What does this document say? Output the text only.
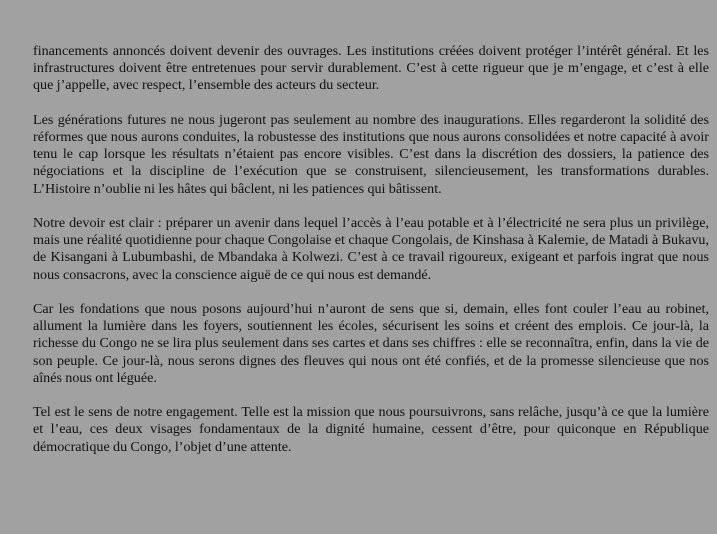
financements annoncés doivent devenir des ouvrages. Les institutions créées doivent protéger l’intérêt général. Et les infrastructures doivent être entretenues pour servir durablement. C’est à cette rigueur que je m’engage, et c’est à elle que j’appelle, avec respect, l’ensemble des acteurs du secteur.

Les générations futures ne nous jugeront pas seulement au nombre des inaugurations. Elles regarderont la solidité des réformes que nous aurons conduites, la robustesse des institutions que nous aurons consolidées et notre capacité à avoir tenu le cap lorsque les résultats n’étaient pas encore visibles. C’est dans la discrétion des dossiers, la patience des négociations et la discipline de l’exécution que se construisent, silencieusement, les transformations durables. L’Histoire n’oublie ni les hâtes qui bâclent, ni les patiences qui bâtissent.

Notre devoir est clair : préparer un avenir dans lequel l’accès à l’eau potable et à l’électricité ne sera plus un privilège, mais une réalité quotidienne pour chaque Congolaise et chaque Congolais, de Kinshasa à Kalemie, de Matadi à Bukavu, de Kisangani à Lubumbashi, de Mbandaka à Kolwezi. C’est à ce travail rigoureux, exigeant et parfois ingrat que nous nous consacrons, avec la conscience aiguë de ce qui nous est demandé.

Car les fondations que nous posons aujourd’hui n’auront de sens que si, demain, elles font couler l’eau au robinet, allument la lumière dans les foyers, soutiennent les écoles, sécurisent les soins et créent des emplois. Ce jour-là, la richesse du Congo ne se lira plus seulement dans ses cartes et dans ses chiffres : elle se reconnaîtra, enfin, dans la vie de son peuple. Ce jour-là, nous serons dignes des fleuves qui nous ont été confiés, et de la promesse silencieuse que nos aînés nous ont léguée.

Tel est le sens de notre engagement. Telle est la mission que nous poursuivrons, sans relâche, jusqu’à ce que la lumière et l’eau, ces deux visages fondamentaux de la dignité humaine, cessent d’être, pour quiconque en République démocratique du Congo, l’objet d’une attente.
